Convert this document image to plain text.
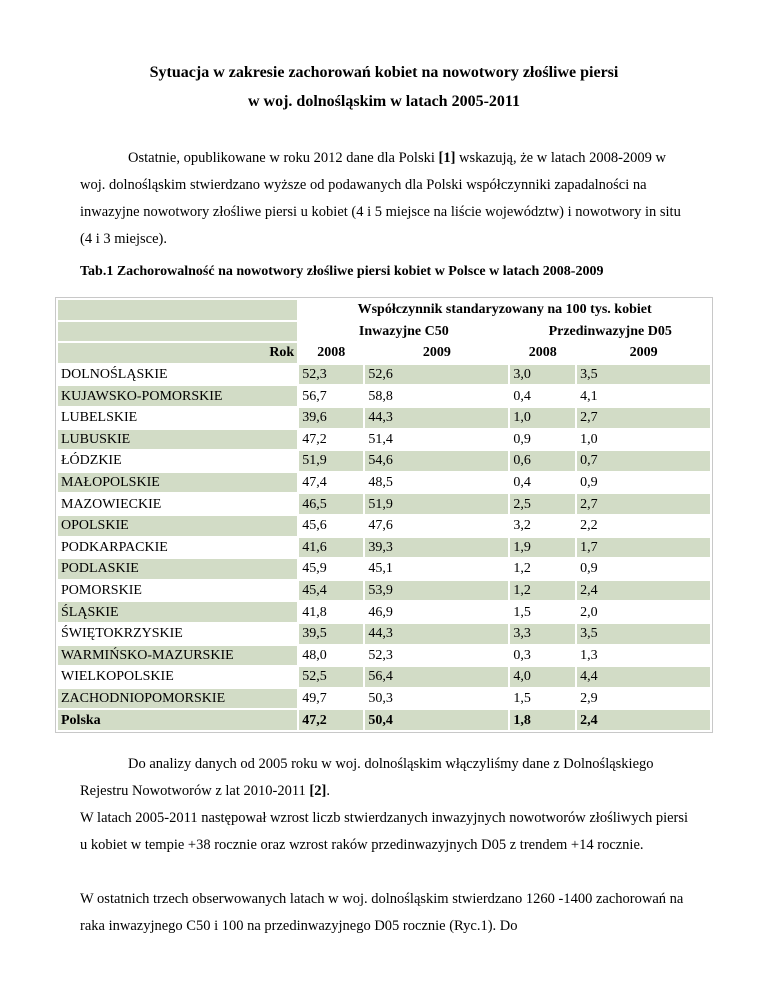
Sytuacja w zakresie zachorowań kobiet na nowotwory złośliwe piersi
w woj. dolnośląskim w latach 2005-2011
Ostatnie, opublikowane w roku 2012 dane dla Polski [1] wskazują, że w latach 2008-2009 w woj. dolnośląskim stwierdzano wyższe od podawanych dla Polski współczynniki zapadalności na inwazyjne nowotwory złośliwe piersi u kobiet (4 i 5 miejsce na liście województw) i nowotwory in situ (4 i 3 miejsce).
Tab.1 Zachorowalność na nowotwory złośliwe piersi kobiet w Polsce w latach 2008-2009
	Współczynnik standaryzowany na 100 tys. kobiet			
	Inwazyjne C50		Przedinwazyjne D05	
Rok	2008	2009	2008	2009
DOLNOŚLĄSKIE	52,3	52,6	3,0	3,5
KUJAWSKO-POMORSKIE	56,7	58,8	0,4	4,1
LUBELSKIE	39,6	44,3	1,0	2,7
LUBUSKIE	47,2	51,4	0,9	1,0
ŁÓDZKIE	51,9	54,6	0,6	0,7
MAŁOPOLSKIE	47,4	48,5	0,4	0,9
MAZOWIECKIE	46,5	51,9	2,5	2,7
OPOLSKIE	45,6	47,6	3,2	2,2
PODKARPACKIE	41,6	39,3	1,9	1,7
PODLASKIE	45,9	45,1	1,2	0,9
POMORSKIE	45,4	53,9	1,2	2,4
ŚLĄSKIE	41,8	46,9	1,5	2,0
ŚWIĘTOKRZYSKIE	39,5	44,3	3,3	3,5
WARMIŃSKO-MAZURSKIE	48,0	52,3	0,3	1,3
WIELKOPOLSKIE	52,5	56,4	4,0	4,4
ZACHODNIOPOMORSKIE	49,7	50,3	1,5	2,9
Polska	47,2	50,4	1,8	2,4
Do analizy danych od 2005 roku w woj. dolnośląskim włączyliśmy dane z Dolnośląskiego Rejestru Nowotworów z lat 2010-2011 [2].
W latach 2005-2011 następował wzrost liczb stwierdzanych inwazyjnych nowotworów złośliwych piersi u kobiet w tempie +38 rocznie oraz wzrost raków przedinwazyjnych D05 z trendem +14 rocznie.
W ostatnich trzech obserwowanych latach w woj. dolnośląskim stwierdzano 1260 -1400 zachorowań na raka inwazyjnego C50 i 100 na przedinwazyjnego D05 rocznie (Ryc.1). Do
